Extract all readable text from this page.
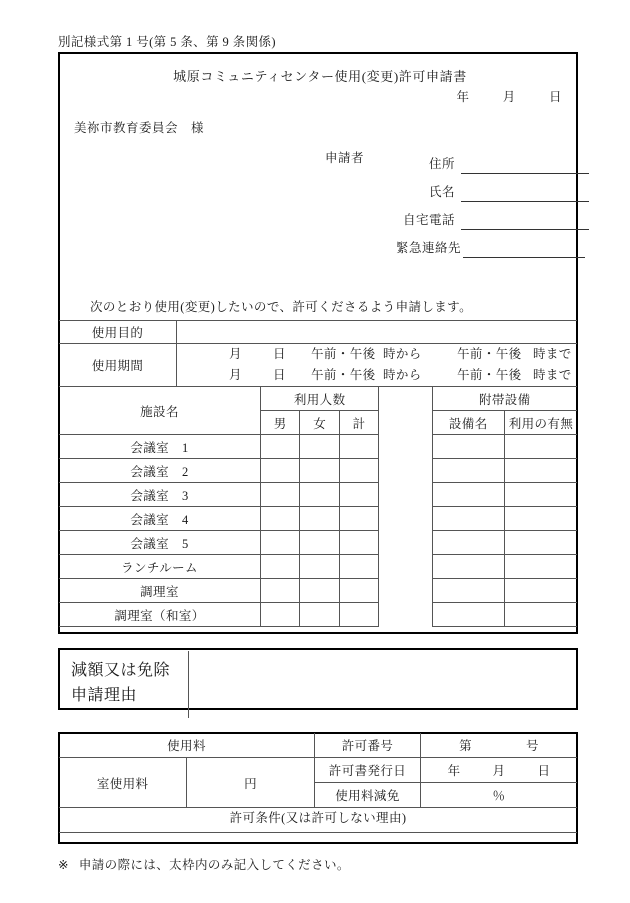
別記様式第 1 号(第 5 条、第 9 条関係)
城原コミュニティセンター使用(変更)許可申請書
年	月	日
美祢市教育委員会　様
申請者	住所
氏名
自宅電話
緊急連絡先
次のとおり使用(変更)したいので、許可くださるよう申請します。
使用目的	
使用期間	月 日 午前・午後 時から 午前・午後 時まで
月 日 午前・午後 時から 午前・午後 時まで
施設名	利用人数				附帯設備	
	男	女	計		設備名	利用の有無
会議室　1						
会議室　2						
会議室　3						
会議室　4						
会議室　5						
ランチルーム						
調理室						
調理室（和室）						
減額又は免除
申請理由

使用料		許可番号	第 号
室使用料	円	許可書発行日	年 月 日
		使用料減免	％
許可条件(又は許可しない理由)			
※ 申請の際には、太枠内のみ記入してください。
